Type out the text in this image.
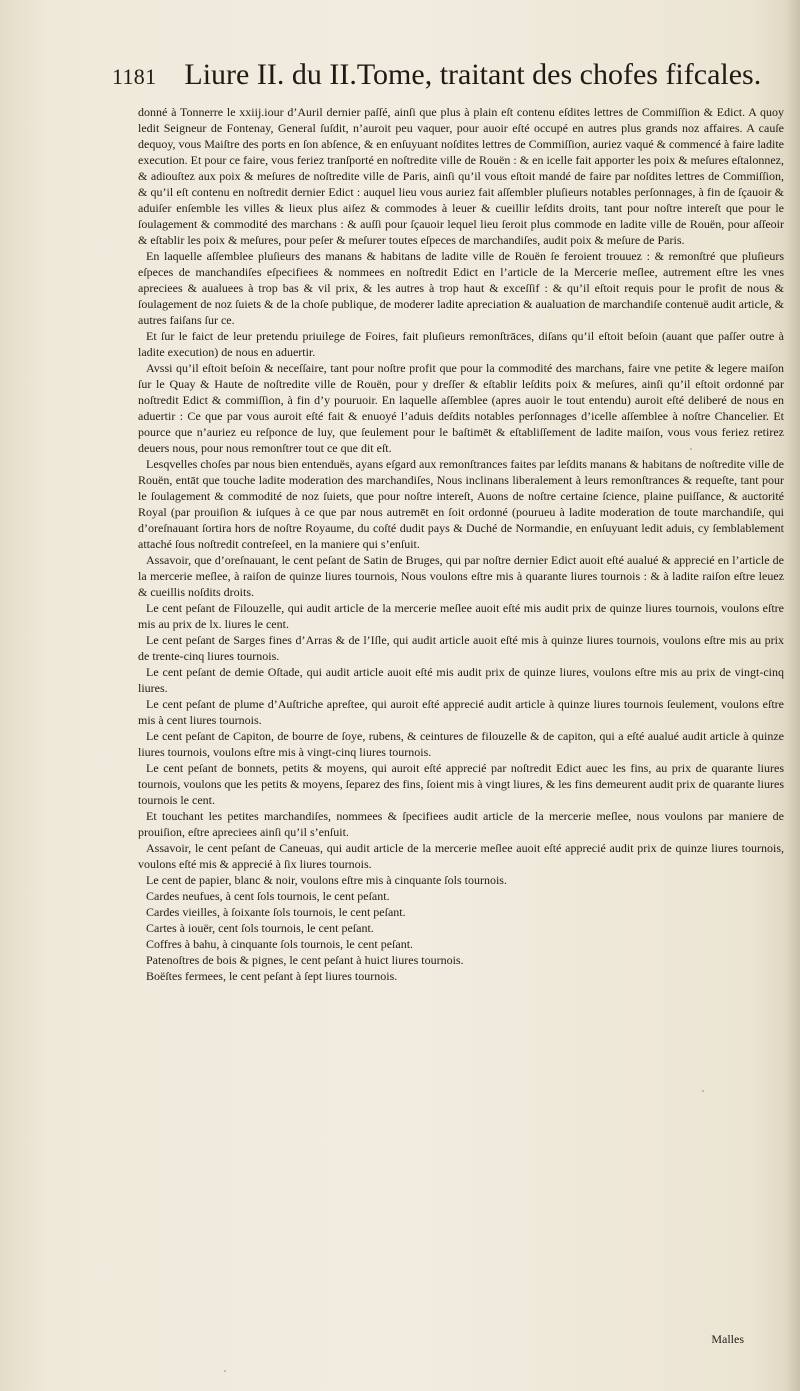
1181 Liure II. du II.Tome, traitant des chofes fifcales.

donné à Tonnerre le xxiij.iour d’Auril dernier paſſé, ainſi que plus à plain eſt contenu eſdites lettres de Commiſſion & Edict. A quoy ledit Seigneur de Fontenay, General ſuſdit, n’auroit peu vaquer, pour auoir eſté occupé en autres plus grands noz affaires. A cauſe dequoy, vous Maiſtre des ports en ſon abſence, & en enſuyuant noſdites lettres de Commiſſion, auriez vaqué & commencé à faire ladite execution. Et pour ce faire, vous feriez tranſporté en noſtredite ville de Rouën : & en icelle fait apporter les poix & meſures eſtalonnez, & adiouſtez aux poix & meſures de noſtredite ville de Paris, ainſi qu’il vous eſtoit mandé de faire par noſdites lettres de Commiſſion, & qu’il eſt contenu en noſtredit dernier Edict : auquel lieu vous auriez fait aſſembler pluſieurs notables perſonnages, à fin de ſçauoir & aduiſer enſemble les villes & lieux plus aiſez & commodes à leuer & cueillir leſdits droits, tant pour noſtre intereſt que pour le ſoulagement & commodité des marchans : & auſſi pour ſçauoir lequel lieu ſeroit plus commode en ladite ville de Rouën, pour aſſeoir & eſtablir les poix & meſures, pour peſer & meſurer toutes eſpeces de marchandiſes, audit poix & meſure de Paris.

En laquelle aſſemblee pluſieurs des manans & habitans de ladite ville de Rouën ſe feroient trouuez : & remonſtré que pluſieurs eſpeces de manchandiſes eſpecifiees & nommees en noſtredit Edict en l’article de la Mercerie meſlee, autrement eſtre les vnes apreciees & aualuees à trop bas & vil prix, & les autres à trop haut & exceſſif : & qu’il eſtoit requis pour le profit de nous & ſoulagement de noz ſuiets & de la choſe publique, de moderer ladite apreciation & aualuation de marchandiſe contenuë audit article, & autres faiſans ſur ce.

Et ſur le faict de leur pretendu priuilege de Foires, fait pluſieurs remonſtrāces, diſans qu’il eſtoit beſoin (auant que paſſer outre à ladite execution) de nous en aduertir.

Avssi qu’il eſtoit beſoin & neceſſaire, tant pour noſtre profit que pour la commodité des marchans, faire vne petite & legere maiſon ſur le Quay & Haute de noſtredite ville de Rouën, pour y dreſſer & eſtablir leſdits poix & meſures, ainſi qu’il eſtoit ordonné par noſtredit Edict & commiſſion, à fin d’y pouruoir. En laquelle aſſemblee (apres auoir le tout entendu) auroit eſté deliberé de nous en aduertir : Ce que par vous auroit eſté fait & enuoyé l’aduis deſdits notables perſonnages d’icelle aſſemblee à noſtre Chancelier. Et pource que n’auriez eu reſponce de luy, que ſeulement pour le baſtimēt & eſtabliſſement de ladite maiſon, vous vous feriez retirez deuers nous, pour nous remonſtrer tout ce que dit eſt.

Lesqvelles choſes par nous bien entenduës, ayans eſgard aux remonſtrances faites par leſdits manans & habitans de noſtredite ville de Rouën, entāt que touche ladite moderation des marchandiſes, Nous inclinans liberalement à leurs remonſtrances & requeſte, tant pour le ſoulagement & commodité de noz ſuiets, que pour noſtre intereſt, Auons de noſtre certaine ſcience, plaine puiſſance, & auctorité Royal (par prouiſion & iuſques à ce que par nous autremēt en ſoit ordonné (pourueu à ladite moderation de toute marchandiſe, qui d’oreſnauant ſortira hors de noſtre Royaume, du coſté dudit pays & Duché de Normandie, en enſuyuant ledit aduis, cy ſemblablement attaché ſous noſtredit contreſeel, en la maniere qui s’enſuit.

Assavoir, que d’oreſnauant, le cent peſant de Satin de Bruges, qui par noſtre dernier Edict auoit eſté aualué & apprecié en l’article de la mercerie meſlee, à raiſon de quinze liures tournois, Nous voulons eſtre mis à quarante liures tournois : & à ladite raiſon eſtre leuez & cueillis noſdits droits.

Le cent peſant de Filouzelle, qui audit article de la mercerie meſlee auoit eſté mis audit prix de quinze liures tournois, voulons eſtre mis au prix de lx. liures le cent.

Le cent peſant de Sarges fines d’Arras & de l’Iſle, qui audit article auoit eſté mis à quinze liures tournois, voulons eſtre mis au prix de trente-cinq liures tournois.

Le cent peſant de demie Oſtade, qui audit article auoit eſté mis audit prix de quinze liures, voulons eſtre mis au prix de vingt-cinq liures.

Le cent peſant de plume d’Auſtriche apreſtee, qui auroit eſté apprecié audit article à quinze liures tournois ſeulement, voulons eſtre mis à cent liures tournois.

Le cent peſant de Capiton, de bourre de ſoye, rubens, & ceintures de filouzelle & de capiton, qui a eſté aualué audit article à quinze liures tournois, voulons eſtre mis à vingt-cinq liures tournois.

Le cent peſant de bonnets, petits & moyens, qui auroit eſté apprecié par noſtredit Edict auec les fins, au prix de quarante liures tournois, voulons que les petits & moyens, ſeparez des fins, ſoient mis à vingt liures, & les fins demeurent audit prix de quarante liures tournois le cent.

Et touchant les petites marchandiſes, nommees & ſpecifiees audit article de la mercerie meſlee, nous voulons par maniere de prouiſion, eſtre apreciees ainſi qu’il s’enſuit.

Assavoir, le cent peſant de Caneuas, qui audit article de la mercerie meſlee auoit eſté apprecié audit prix de quinze liures tournois, voulons eſté mis & apprecié à ſix liures tournois.

Le cent de papier, blanc & noir, voulons eſtre mis à cinquante ſols tournois.

Cardes neufues, à cent ſols tournois, le cent peſant.

Cardes vieilles, à ſoixante ſols tournois, le cent peſant.

Cartes à iouër, cent ſols tournois, le cent peſant.

Coffres à bahu, à cinquante ſols tournois, le cent peſant.

Patenoſtres de bois & pignes, le cent peſant à huict liures tournois.

Boëſtes fermees, le cent peſant à ſept liures tournois.

Malles
